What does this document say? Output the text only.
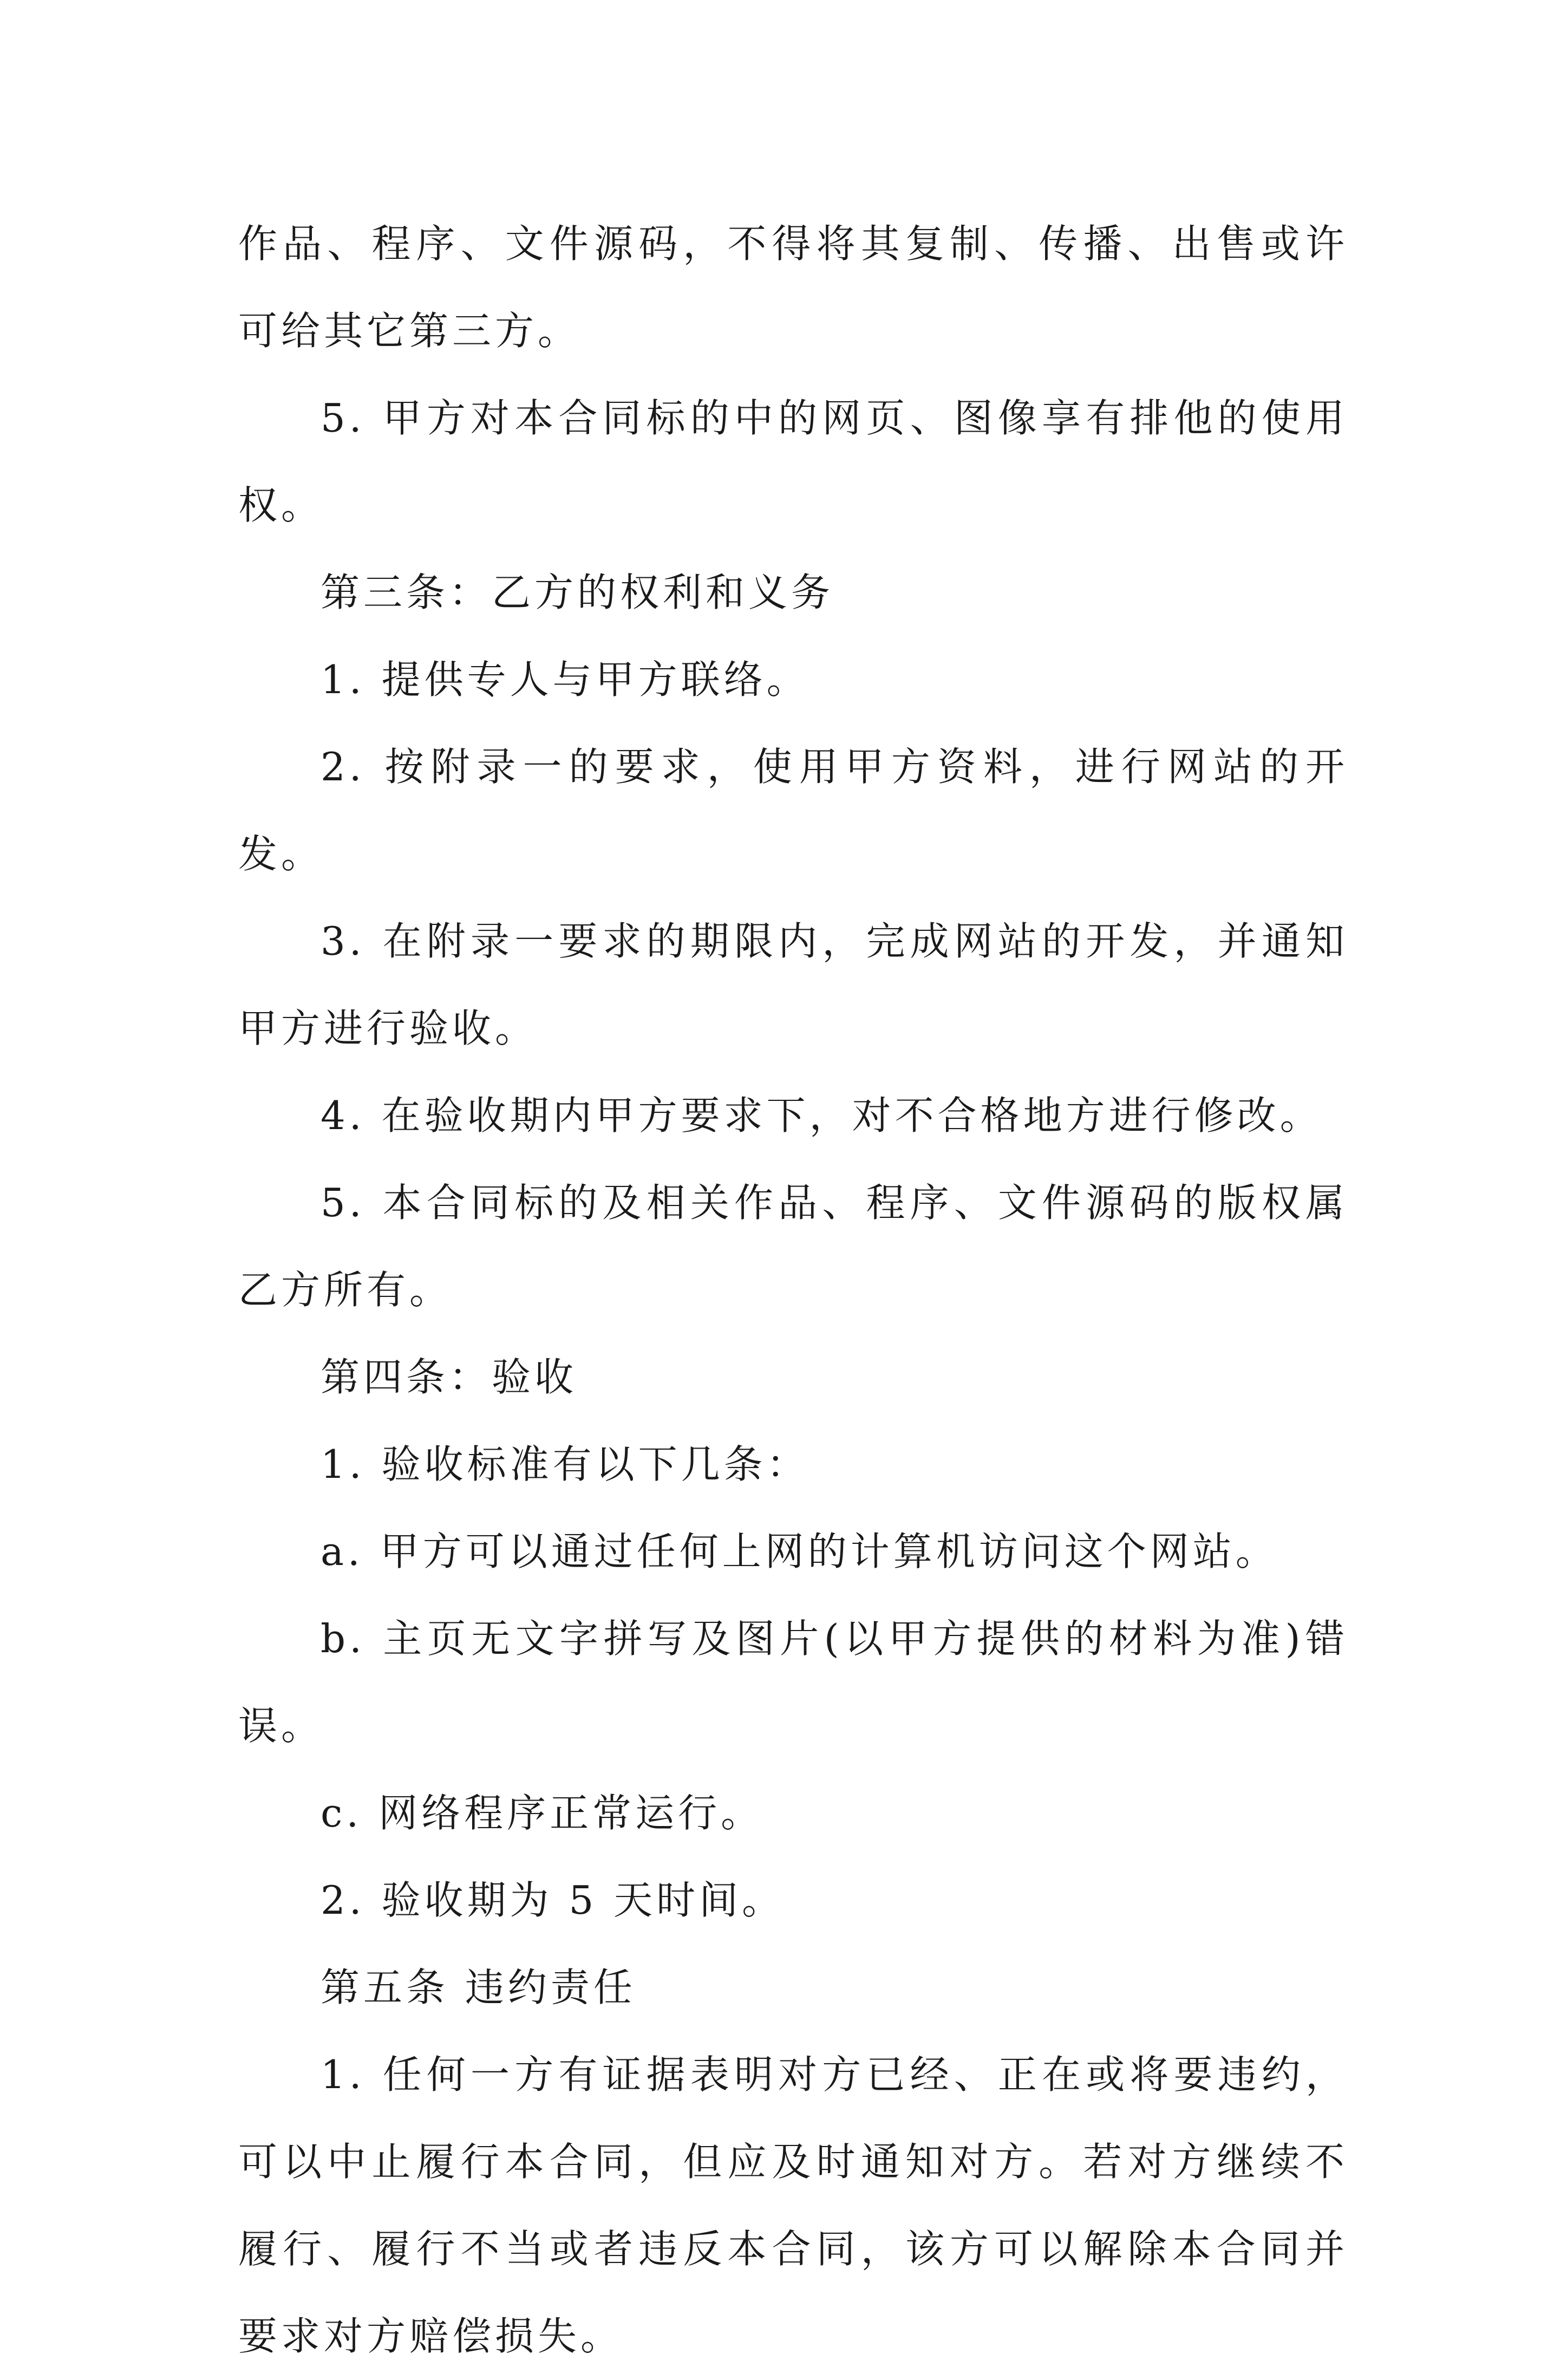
作品、程序、文件源码，不得将其复制、传播、出售或许可给其它第三方。

5. 甲方对本合同标的中的网页、图像享有排他的使用权。

第三条：乙方的权利和义务

1. 提供专人与甲方联络。

2. 按附录一的要求，使用甲方资料，进行网站的开发。

3. 在附录一要求的期限内，完成网站的开发，并通知甲方进行验收。

4. 在验收期内甲方要求下，对不合格地方进行修改。

5. 本合同标的及相关作品、程序、文件源码的版权属乙方所有。

第四条：验收

1. 验收标准有以下几条：

a. 甲方可以通过任何上网的计算机访问这个网站。

b. 主页无文字拼写及图片(以甲方提供的材料为准)错误。

c. 网络程序正常运行。

2. 验收期为 5 天时间。

第五条 违约责任

1. 任何一方有证据表明对方已经、正在或将要违约，可以中止履行本合同，但应及时通知对方。若对方继续不履行、履行不当或者违反本合同，该方可以解除本合同并要求对方赔偿损失。
